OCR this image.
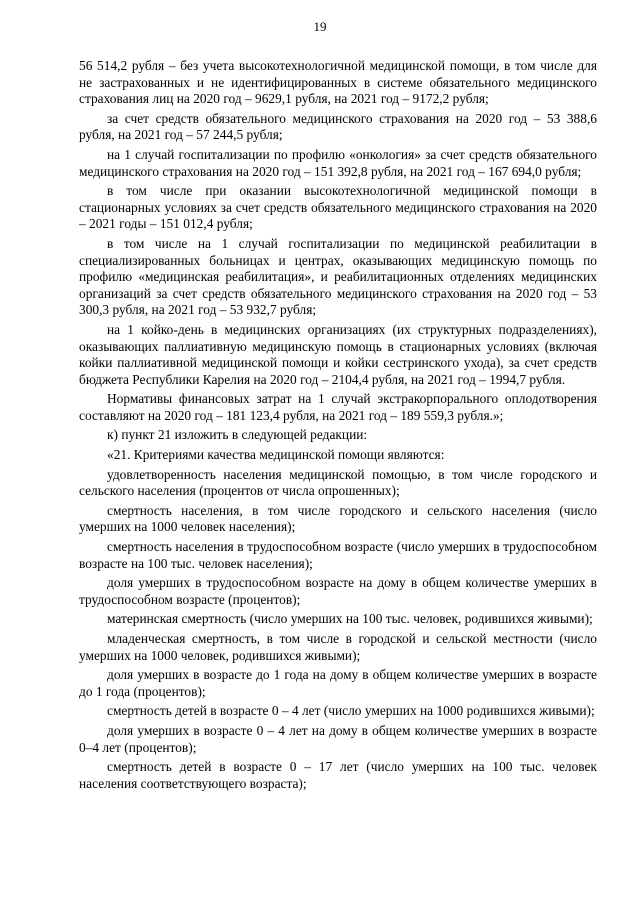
19

56 514,2 рубля – без учета высокотехнологичной медицинской помощи, в том числе для не застрахованных и не идентифицированных в системе обязательного медицинского страхования лиц на 2020 год – 9629,1 рубля, на 2021 год – 9172,2 рубля;

за счет средств обязательного медицинского страхования на 2020 год – 53 388,6 рубля, на 2021 год – 57 244,5 рубля;

на 1 случай госпитализации по профилю «онкология» за счет средств обязательного медицинского страхования на 2020 год – 151 392,8 рубля, на 2021 год – 167 694,0 рубля;

в том числе при оказании высокотехнологичной медицинской помощи в стационарных условиях за счет средств обязательного медицинского страхования на 2020 – 2021 годы – 151 012,4 рубля;

в том числе на 1 случай госпитализации по медицинской реабилитации в специализированных больницах и центрах, оказывающих медицинскую помощь по профилю «медицинская реабилитация», и реабилитационных отделениях медицинских организаций за счет средств обязательного медицинского страхования на 2020 год – 53 300,3 рубля, на 2021 год – 53 932,7 рубля;

на 1 койко-день в медицинских организациях (их структурных подразделениях), оказывающих паллиативную медицинскую помощь в стационарных условиях (включая койки паллиативной медицинской помощи и койки сестринского ухода), за счет средств бюджета Республики Карелия на 2020 год – 2104,4 рубля, на 2021 год – 1994,7 рубля.

Нормативы финансовых затрат на 1 случай экстракорпорального оплодотворения составляют на 2020 год – 181 123,4 рубля, на 2021 год – 189 559,3 рубля.»;

к) пункт 21 изложить в следующей редакции:

«21. Критериями качества медицинской помощи являются:

удовлетворенность населения медицинской помощью, в том числе городского и сельского населения (процентов от числа опрошенных);

смертность населения, в том числе городского и сельского населения (число умерших на 1000 человек населения);

смертность населения в трудоспособном возрасте (число умерших в трудоспособном возрасте на 100 тыс. человек населения);

доля умерших в трудоспособном возрасте на дому в общем количестве умерших в трудоспособном возрасте (процентов);

материнская смертность (число умерших на 100 тыс. человек, родившихся живыми);

младенческая смертность, в том числе в городской и сельской местности (число умерших на 1000 человек, родившихся живыми);

доля умерших в возрасте до 1 года на дому в общем количестве умерших в возрасте до 1 года (процентов);

смертность детей в возрасте 0 – 4 лет (число умерших на 1000 родившихся живыми);

доля умерших в возрасте 0 – 4 лет на дому в общем количестве умерших в возрасте 0–4 лет (процентов);

смертность детей в возрасте 0 – 17 лет (число умерших на 100 тыс. человек населения соответствующего возраста);
